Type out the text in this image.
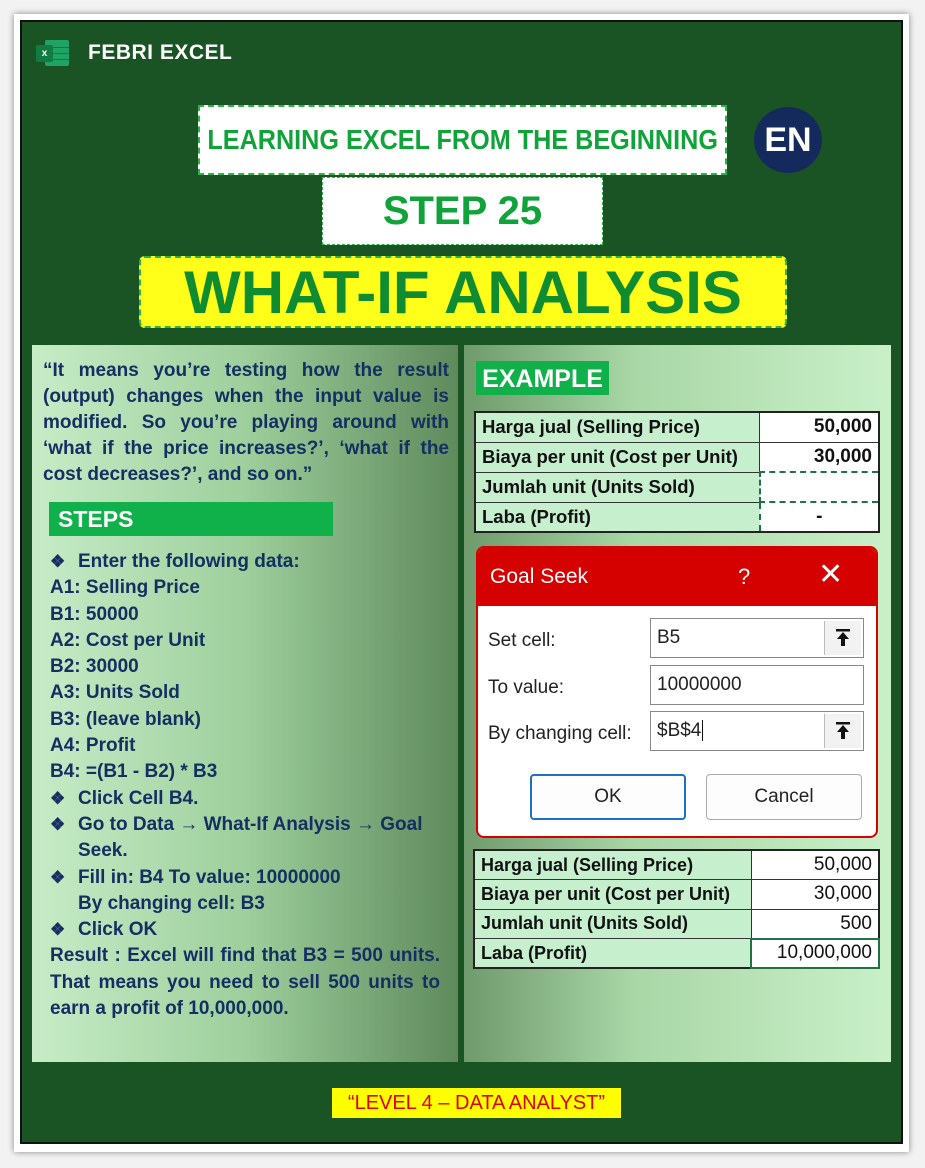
x FEBRI EXCEL
LEARNING EXCEL FROM THE BEGINNING	EN
STEP 25
WHAT-IF ANALYSIS
“It means you’re testing how the result (output) changes when the input value is modified. So you’re playing around with ‘what if the price increases?’, ‘what if the cost decreases?’, and so on.”
STEPS
❖ Enter the following data:
A1: Selling Price
B1: 50000
A2: Cost per Unit
B2: 30000
A3: Units Sold
B3: (leave blank)
A4: Profit
B4: =(B1 - B2) * B3
❖ Click Cell B4.
❖ Go to Data → What-If Analysis → Goal
Seek.
❖ Fill in: B4 To value: 10000000
By changing cell: B3
❖ Click OK
Result : Excel will find that B3 = 500 units. That means you need to sell 500 units to earn a profit of 10,000,000.
EXAMPLE
Harga jual (Selling Price)	50,000
Biaya per unit (Cost per Unit)	30,000
Jumlah unit (Units Sold)	
Laba (Profit)	-
Goal Seek	? ✕
Set cell:	B5
To value:	10000000
By changing cell:	$B$4
OK	Cancel
Harga jual (Selling Price)	50,000
Biaya per unit (Cost per Unit)	30,000
Jumlah unit (Units Sold)	500
Laba (Profit)	10,000,000
“LEVEL 4 – DATA ANALYST”
